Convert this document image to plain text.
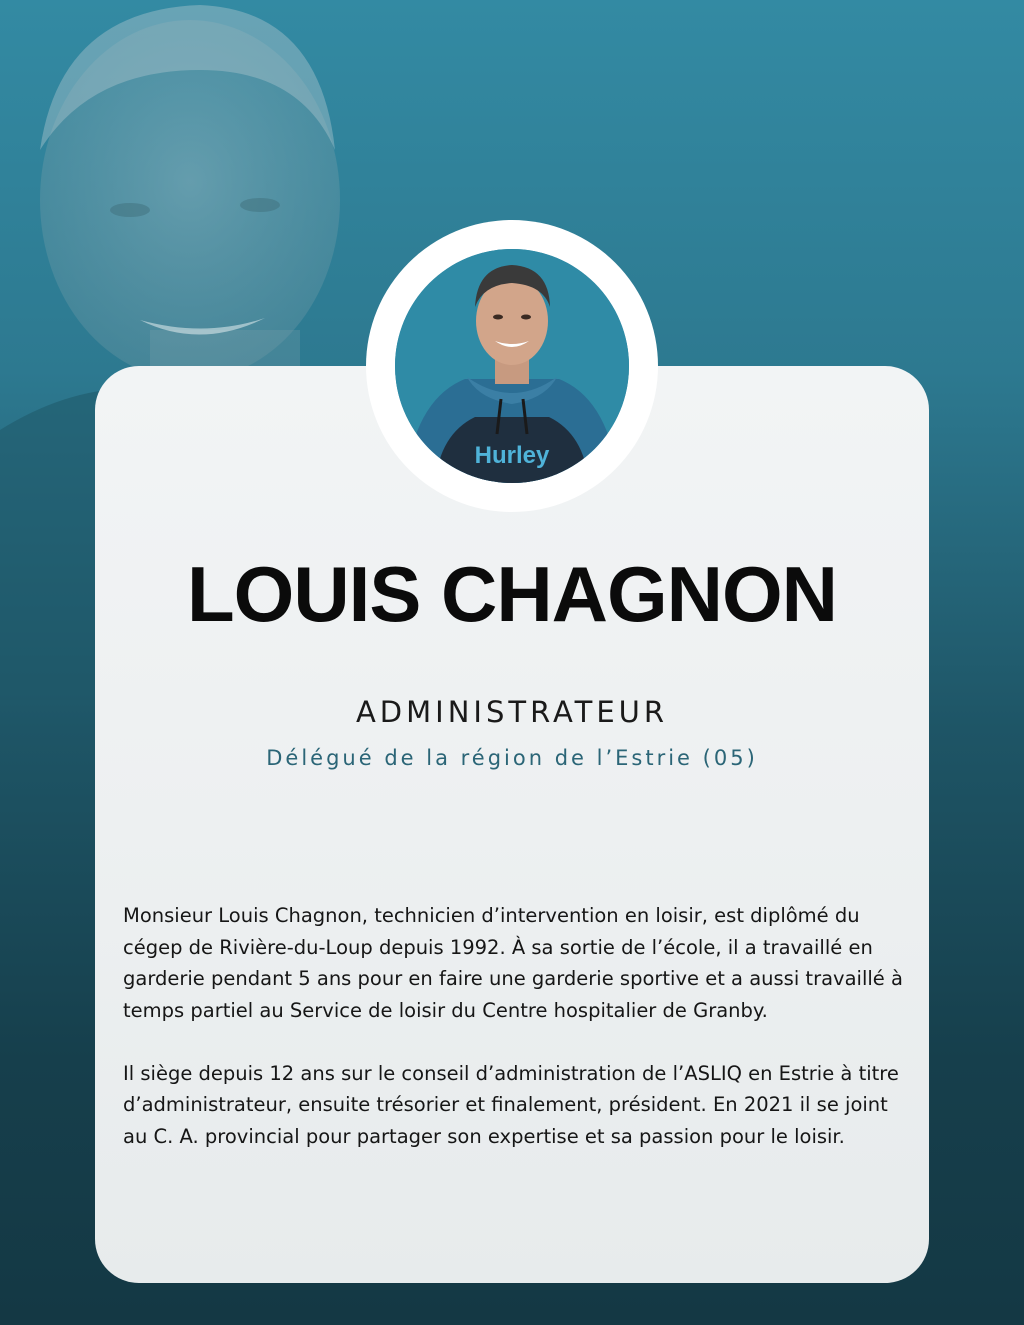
Hurley
LOUIS CHAGNON
ADMINISTRATEUR
Délégué de la région de l’Estrie (05)

Monsieur Louis Chagnon, technicien d’intervention en loisir, est diplômé du cégep de Rivière-du-Loup depuis 1992. À sa sortie de l’école, il a travaillé en garderie pendant 5 ans pour en faire une garderie sportive et a aussi travaillé à temps partiel au Service de loisir du Centre hospitalier de Granby.

Il siège depuis 12 ans sur le conseil d’administration de l’ASLIQ en Estrie à titre d’administrateur, ensuite trésorier et finalement, président. En 2021 il se joint au C. A. provincial pour partager son expertise et sa passion pour le loisir.
